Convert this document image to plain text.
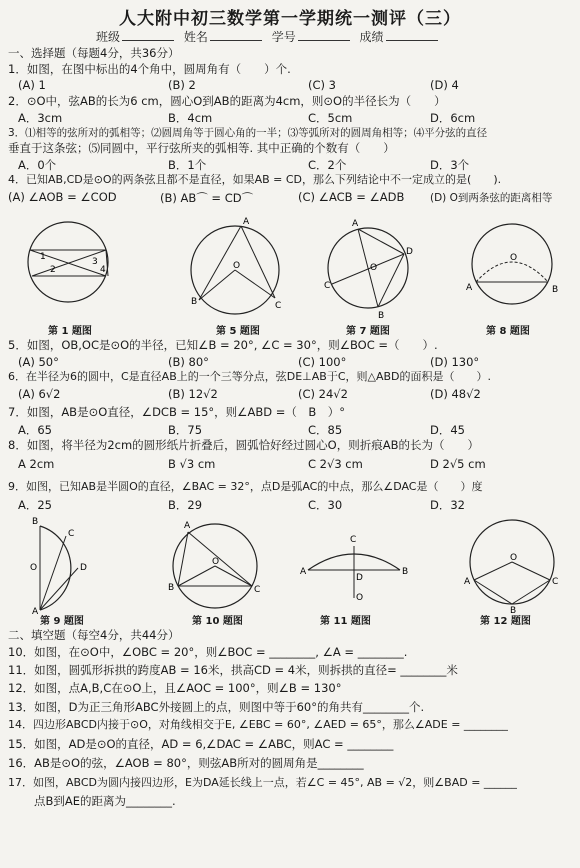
人大附中初三数学第一学期统一测评（三）
班级	姓名	学号	成绩
一、选择题（每题4分，共36分）
1．如图，在图中标出的4个角中，圆周角有（　　）个.
(A) 1	(B) 2	(C) 3	(D) 4
2．⊙O中，弦AB的长为6 cm，圆心O到AB的距离为4cm，则⊙O的半径长为（　　）
A．3cm	B．4cm	C．5cm	D．6cm
3．⑴相等的弦所对的弧相等；⑵圆周角等于圆心角的一半；⑶等弧所对的圆周角相等；⑷平分弦的直径
垂直于这条弦；⑸同圆中，平行弦所夹的弧相等. 其中正确的个数有（　　）
A．0个	B．1个	C．2个	D．3个
4．已知AB,CD是⊙O的两条弦且都不是直径，如果AB = CD，那么下列结论中不一定成立的是(　　).
(A) ∠AOB = ∠COD	(B) AB⌒ = CD⌒	(C) ∠ACB = ∠ADB (D) O到两条弦的距离相等
2
3
4
1
A
O
B	C
A
D
B
C
O
A	B
O
第 1 题图	第 5 题图	第 7 题图	第 8 题图
5．如图，OB,OC是⊙O的半径，已知∠B = 20°, ∠C = 30°，则∠BOC =（　　）.
(A) 50°	(B) 80°	(C) 100°	(D) 130°
6．在半径为6的圆中，C是直径AB上的一个三等分点，弦DE⊥AB于C，则△ABD的面积是（　　）.
(A) 6√2	(B) 12√2	(C) 24√2	(D) 48√2
7．如图，AB是⊙O直径，∠DCB = 15°，则∠ABD =（　B　）°
A．65	B．75	C．85	D．45
8．如图，将半径为2cm的圆形纸片折叠后，圆弧恰好经过圆心O，则折痕AB的长为（　　）
A 2cm	B √3 cm	C 2√3 cm	D 2√5 cm
9．如图，已知AB是半圆O的直径，∠BAC = 32°，点D是弧AC的中点，那么∠DAC是（　　）度
A．25	B．29	C．30	D．32
B
D
C
A
O
A
B	C
O
A	B
C
D
O
O
A	C
B
第 9 题图	第 10 题图	第 11 题图	第 12 题图
二、填空题（每空4分，共44分）
10．如图，在⊙O中，∠OBC = 20°，则∠BOC = ________, ∠A = ________.
11．如图，圆弧形拆拱的跨度AB = 16米，拱高CD = 4米，则拆拱的直径= ________米
12．如图，点A,B,C在⊙O上，且∠AOC = 100°，则∠B = 130°
13．如图，D为正三角形ABC外接圆上的点，则图中等于60°的角共有________个.
14．四边形ABCD内接于⊙O，对角线相交于E, ∠EBC = 60°, ∠AED = 65°，那么∠ADE = ________
15．如图，AD是⊙O的直径，AD = 6,∠DAC = ∠ABC，则AC = ________
16．AB是⊙O的弦，∠AOB = 80°，则弦AB所对的圆周角是________
17．如图，ABCD为圆内接四边形，E为DA延长线上一点，若∠C = 45°, AB = √2，则∠BAD = ______
点B到AE的距离为________.
